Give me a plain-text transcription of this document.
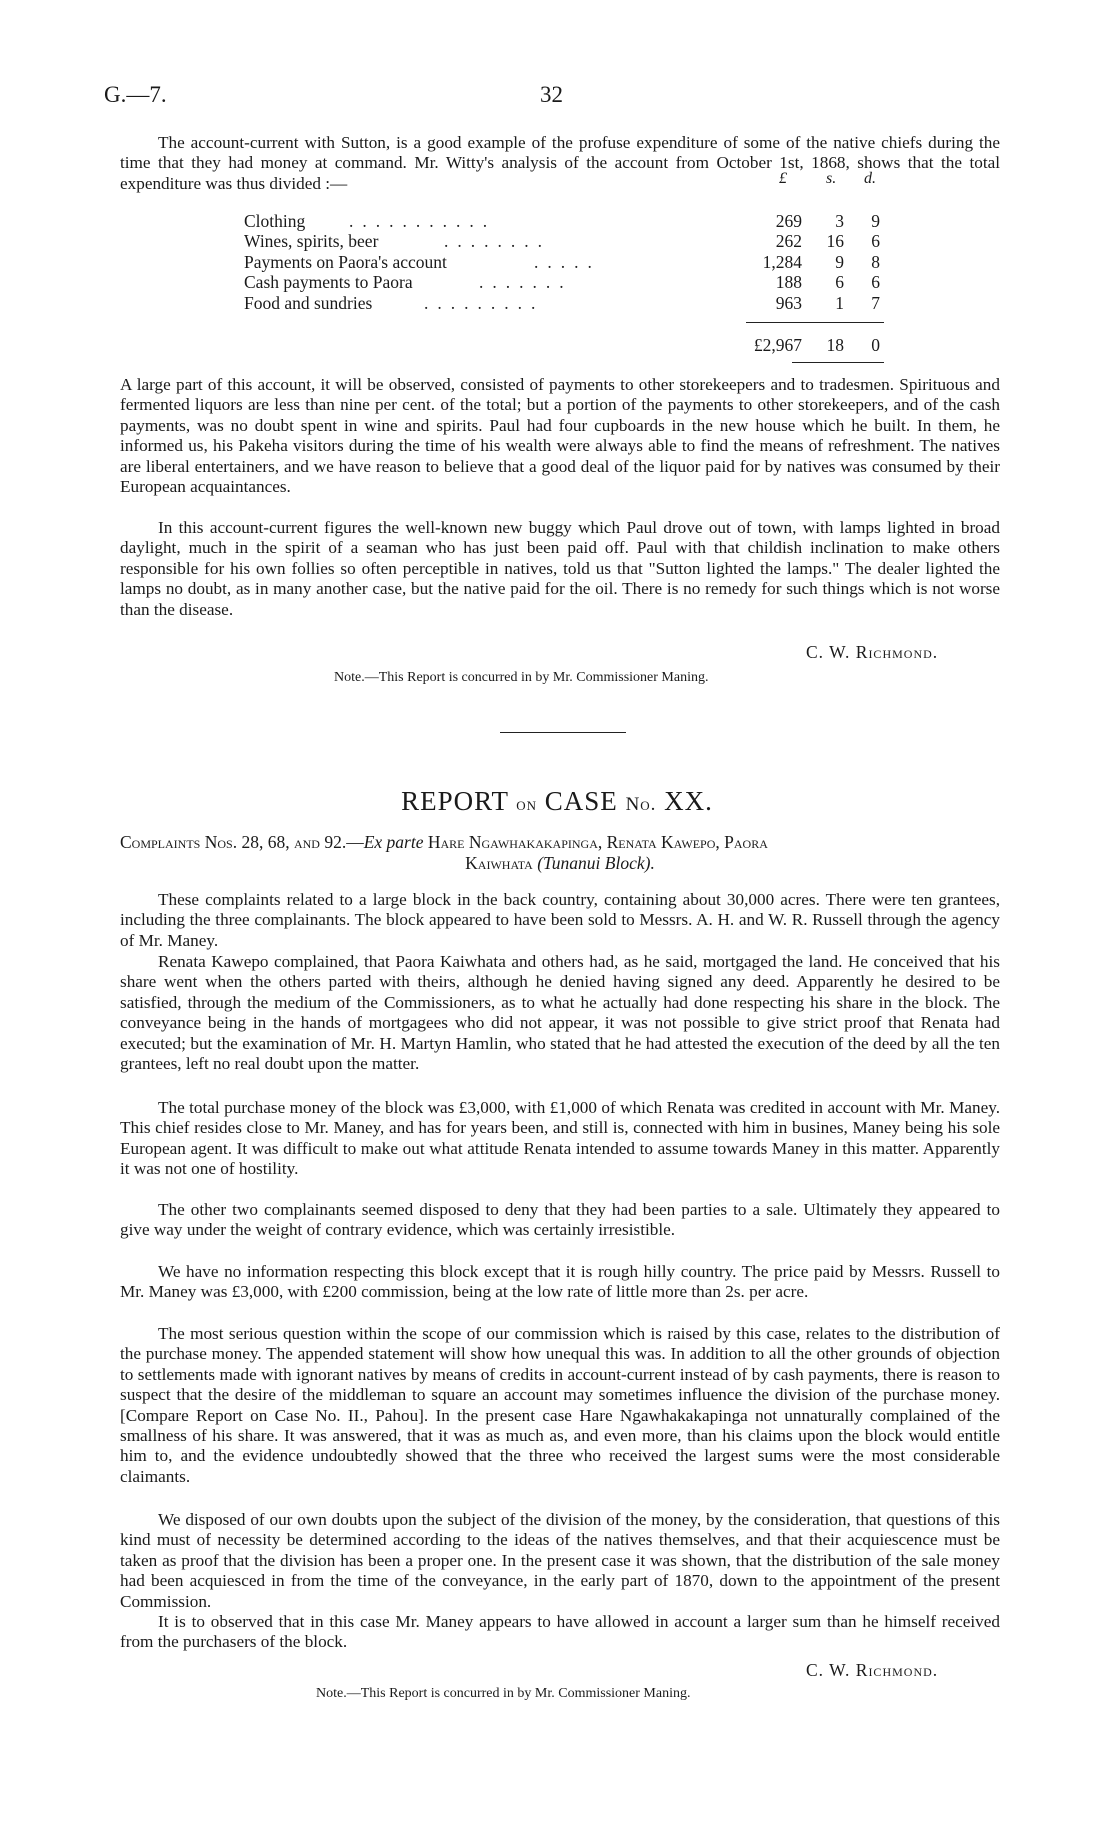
G.—7.	32

The account-current with Sutton, is a good example of the profuse expenditure of some of the native chiefs during the time that they had money at command. Mr. Witty's analysis of the account from October 1st, 1868, shows that the total expenditure was thus divided :—	£ s. d.
Clothing ...........	269	3	9
Wines, spirits, beer	........	262	16	6
Payments on Paora's account	.....	1,284	9	8
Cash payments to Paora	.......	188	6	6
Food and sundries	.........	963	1	7
£2,967	18	0

A large part of this account, it will be observed, consisted of payments to other storekeepers and to tradesmen. Spirituous and fermented liquors are less than nine per cent. of the total; but a portion of the payments to other storekeepers, and of the cash payments, was no doubt spent in wine and spirits. Paul had four cupboards in the new house which he built. In them, he informed us, his Pakeha visitors during the time of his wealth were always able to find the means of refreshment. The natives are liberal entertainers, and we have reason to believe that a good deal of the liquor paid for by natives was consumed by their European acquaintances.

In this account-current figures the well-known new buggy which Paul drove out of town, with lamps lighted in broad daylight, much in the spirit of a seaman who has just been paid off. Paul with that childish inclination to make others responsible for his own follies so often perceptible in natives, told us that "Sutton lighted the lamps." The dealer lighted the lamps no doubt, as in many another case, but the native paid for the oil. There is no remedy for such things which is not worse than the disease.

C. W. Richmond.
Note.—This Report is concurred in by Mr. Commissioner Maning.
REPORT on CASE No. XX.
Complaints Nos. 28, 68, and 92.—Ex parte Hare Ngawhakakapinga, Renata Kawepo, Paora
Kaiwhata (Tunanui Block).

These complaints related to a large block in the back country, containing about 30,000 acres. There were ten grantees, including the three complainants. The block appeared to have been sold to Messrs. A. H. and W. R. Russell through the agency of Mr. Maney.

Renata Kawepo complained, that Paora Kaiwhata and others had, as he said, mortgaged the land. He conceived that his share went when the others parted with theirs, although he denied having signed any deed. Apparently he desired to be satisfied, through the medium of the Commissioners, as to what he actually had done respecting his share in the block. The conveyance being in the hands of mortgagees who did not appear, it was not possible to give strict proof that Renata had executed; but the examination of Mr. H. Martyn Hamlin, who stated that he had attested the execution of the deed by all the ten grantees, left no real doubt upon the matter.

The total purchase money of the block was £3,000, with £1,000 of which Renata was credited in account with Mr. Maney. This chief resides close to Mr. Maney, and has for years been, and still is, connected with him in busines, Maney being his sole European agent. It was difficult to make out what attitude Renata intended to assume towards Maney in this matter. Apparently it was not one of hostility.

The other two complainants seemed disposed to deny that they had been parties to a sale. Ultimately they appeared to give way under the weight of contrary evidence, which was certainly irresistible.

We have no information respecting this block except that it is rough hilly country. The price paid by Messrs. Russell to Mr. Maney was £3,000, with £200 commission, being at the low rate of little more than 2s. per acre.

The most serious question within the scope of our commission which is raised by this case, relates to the distribution of the purchase money. The appended statement will show how unequal this was. In addition to all the other grounds of objection to settlements made with ignorant natives by means of credits in account-current instead of by cash payments, there is reason to suspect that the desire of the middleman to square an account may sometimes influence the division of the purchase money. [Compare Report on Case No. II., Pahou]. In the present case Hare Ngawhakakapinga not unnaturally complained of the smallness of his share. It was answered, that it was as much as, and even more, than his claims upon the block would entitle him to, and the evidence undoubtedly showed that the three who received the largest sums were the most considerable claimants.

We disposed of our own doubts upon the subject of the division of the money, by the consideration, that questions of this kind must of necessity be determined according to the ideas of the natives themselves, and that their acquiescence must be taken as proof that the division has been a proper one. In the present case it was shown, that the distribution of the sale money had been acquiesced in from the time of the conveyance, in the early part of 1870, down to the appointment of the present Commission.

It is to observed that in this case Mr. Maney appears to have allowed in account a larger sum than he himself received from the purchasers of the block.

C. W. Richmond.
Note.—This Report is concurred in by Mr. Commissioner Maning.
